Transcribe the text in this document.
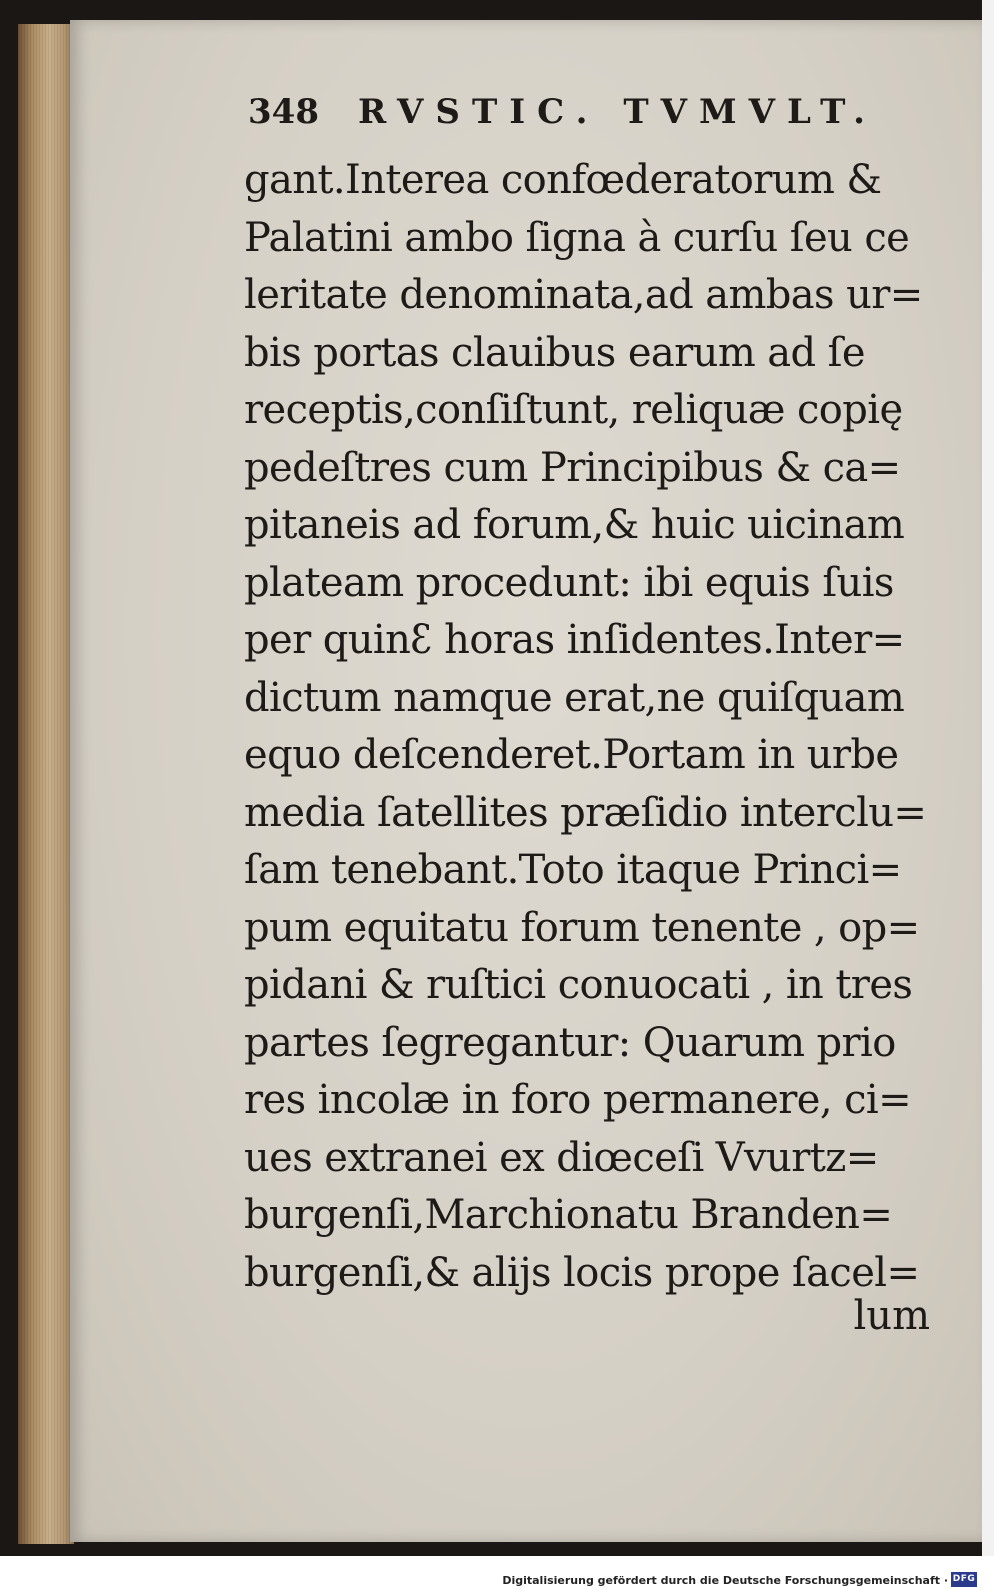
348 RVSTIC. TVMVLT.
gant.Interea confœderatorum &
Palatini ambo ſigna à curſu ſeu ce
leritate denominata,ad ambas ur=
bis portas clauibus earum ad ſe
receptis,conſiſtunt, reliquæ copię
pedeſtres cum Principibus & ca=
pitaneis ad forum,& huic uicinam
plateam procedunt: ibi equis ſuis
per quinꜫ horas inſidentes.Inter=
dictum namque erat,ne quiſquam
equo deſcenderet.Portam in urbe
media ſatellites præſidio interclu=
ſam tenebant.Toto itaque Princi=
pum equitatu forum tenente , op=
pidani & ruſtici conuocati , in tres
partes ſegregantur: Quarum prio
res incolæ in foro permanere, ci=
ues extranei ex diœceſi Vvurtz=
burgenſi,Marchionatu Branden=
burgenſi,& alijs locis prope ſacel=
lum
Digitalisierung gefördert durch die Deutsche Forschungsgemeinschaft · DFG
